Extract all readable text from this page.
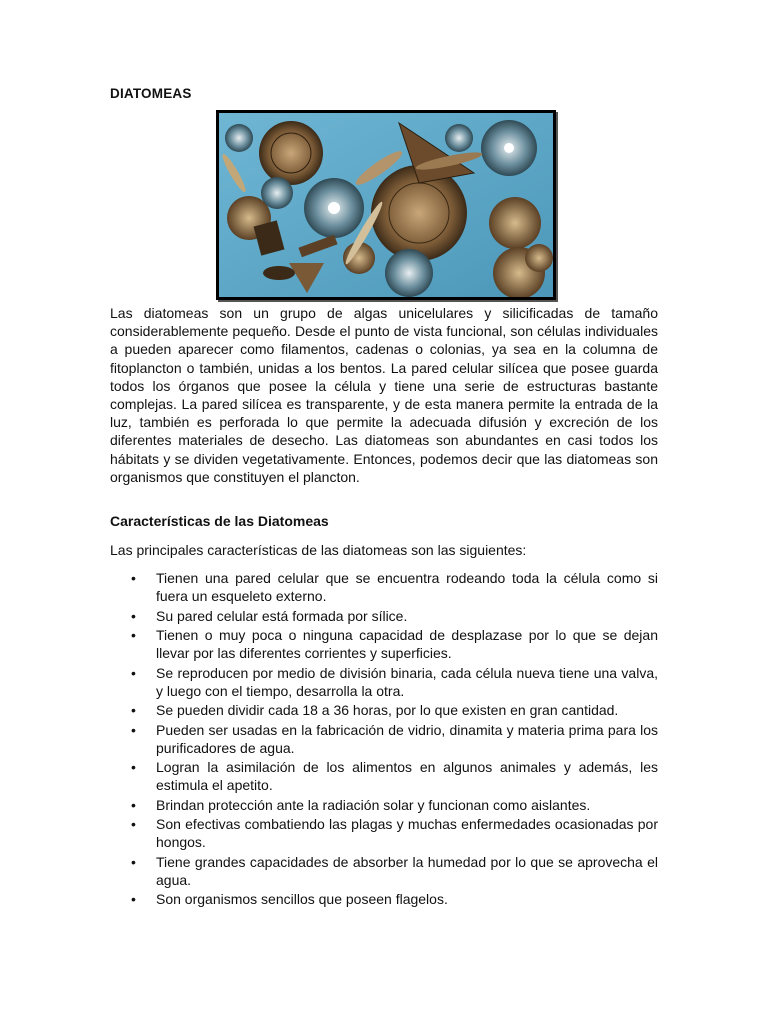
DIATOMEAS

Las diatomeas son un grupo de algas unicelulares y silicificadas de tamaño considerablemente pequeño. Desde el punto de vista funcional, son células individuales a pueden aparecer como filamentos, cadenas o colonias, ya sea en la columna de fitoplancton o también, unidas a los bentos. La pared celular silícea que posee guarda todos los órganos que posee la célula y tiene una serie de estructuras bastante complejas. La pared silícea es transparente, y de esta manera permite la entrada de la luz, también es perforada lo que permite la adecuada difusión y excreción de los diferentes materiales de desecho. Las diatomeas son abundantes en casi todos los hábitats y se dividen vegetativamente. Entonces, podemos decir que las diatomeas son organismos que constituyen el plancton.

Características de las Diatomeas

Las principales características de las diatomeas son las siguientes:

• Tienen una pared celular que se encuentra rodeando toda la célula como si fuera un esqueleto externo.
• Su pared celular está formada por sílice.
• Tienen o muy poca o ninguna capacidad de desplazase por lo que se dejan llevar por las diferentes corrientes y superficies.
• Se reproducen por medio de división binaria, cada célula nueva tiene una valva, y luego con el tiempo, desarrolla la otra.
• Se pueden dividir cada 18 a 36 horas, por lo que existen en gran cantidad.
• Pueden ser usadas en la fabricación de vidrio, dinamita y materia prima para los purificadores de agua.
• Logran la asimilación de los alimentos en algunos animales y además, les estimula el apetito.
• Brindan protección ante la radiación solar y funcionan como aislantes.
• Son efectivas combatiendo las plagas y muchas enfermedades ocasionadas por hongos.
• Tiene grandes capacidades de absorber la humedad por lo que se aprovecha el agua.
• Son organismos sencillos que poseen flagelos.
